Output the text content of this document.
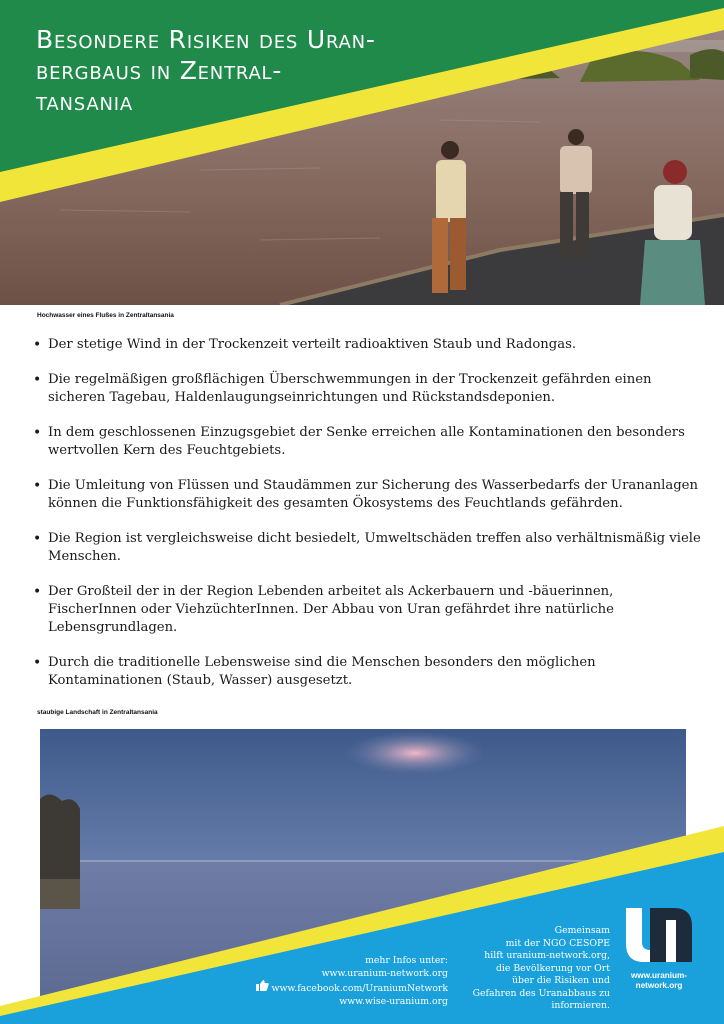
Besondere Risiken des Uran-
bergbaus in Zentral-
tansania
Hochwasser eines Flußes in Zentraltansania
• Der stetige Wind in der Trockenzeit verteilt radioaktiven Staub und Radongas.
• Die regelmäßigen großflächigen Überschwemmungen in der Trockenzeit gefährden einen sicheren Tagebau, Haldenlaugungseinrichtungen und Rückstandsdeponien.
• In dem geschlossenen Einzugsgebiet der Senke erreichen alle Kontaminationen den besonders wertvollen Kern des Feuchtgebiets.
• Die Umleitung von Flüssen und Staudämmen zur Sicherung des Wasserbedarfs der Urananlagen können die Funktionsfähigkeit des gesamten Ökosystems des Feuchtlands gefährden.
• Die Region ist vergleichsweise dicht besiedelt, Umweltschäden treffen also verhältnismäßig viele Menschen.
• Der Großteil der in der Region Lebenden arbeitet als Ackerbauern und -bäuerinnen, FischerInnen oder ViehzüchterInnen. Der Abbau von Uran gefährdet ihre natürliche Lebensgrundlagen.
• Durch die traditionelle Lebensweise sind die Menschen besonders den möglichen Kontaminationen (Staub, Wasser) ausgesetzt.
staubige Landschaft in Zentraltansania
mehr Infos unter:
www.uranium-network.org
www.facebook.com/UraniumNetwork
www.wise-uranium.org
Gemeinsam
mit der NGO CESOPE
hilft uranium-network.org,
die Bevölkerung vor Ort
über die Risiken und
Gefahren des Uranabbaus zu
informieren.
www.uranium-
network.org
